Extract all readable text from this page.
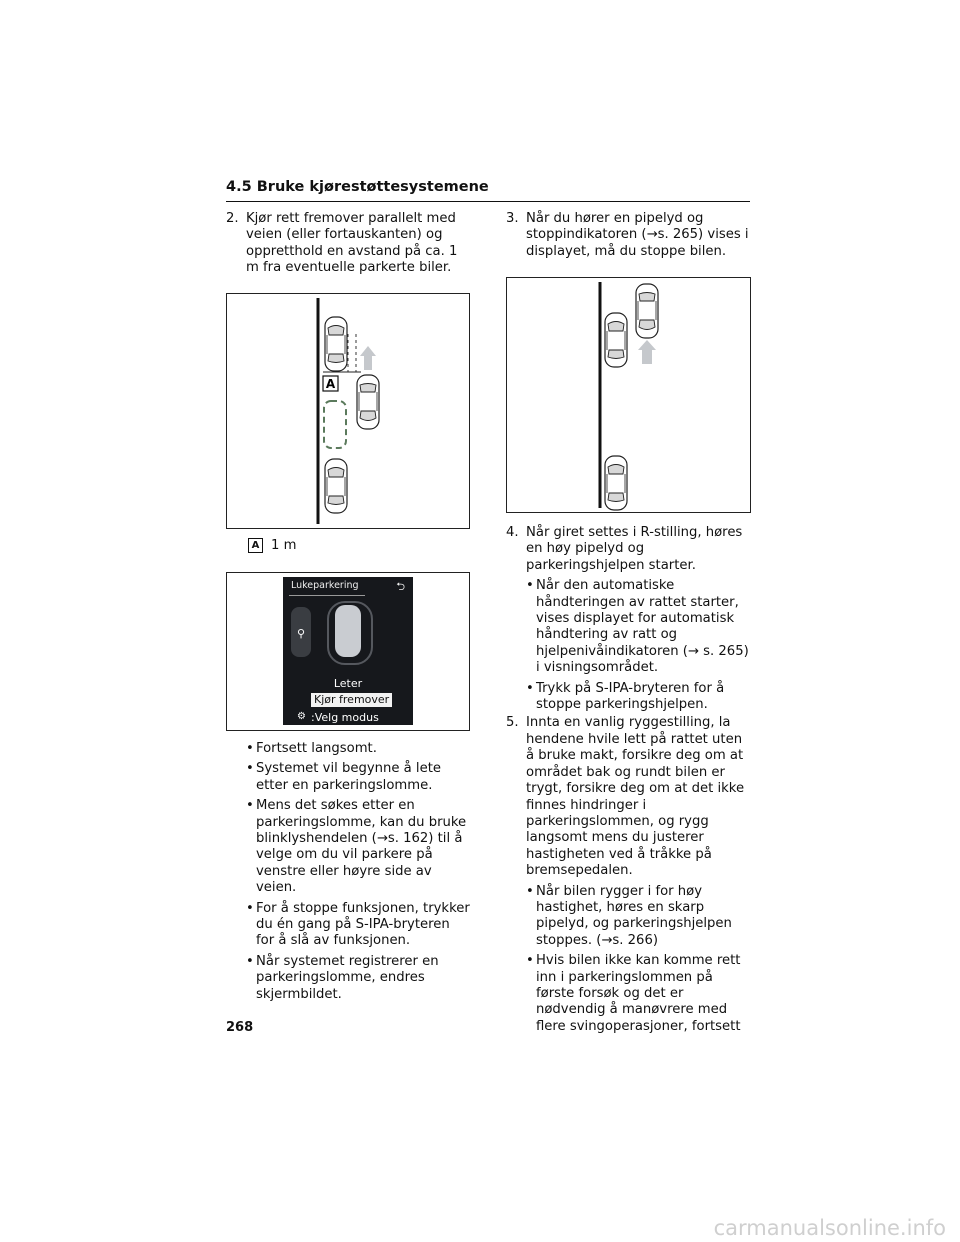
4.5 Bruke kjørestøttesystemene

2. Kjør rett fremover parallelt med veien (eller fortauskanten) og oppretthold en avstand på ca. 1 m fra eventuelle parkerte biler.

A
A 1 m
Lukeparkering	⮌
⚲
Leter
Kjør fremover
:Velg modus
⚙

• Fortsett langsomt.

• Systemet vil begynne å lete etter en parkeringslomme.

• Mens det søkes etter en parkeringslomme, kan du bruke blinklyshendelen (→s. 162) til å velge om du vil parkere på venstre eller høyre side av veien.

• For å stoppe funksjonen, trykker du én gang på S-IPA-bryteren for å slå av funksjonen.

• Når systemet registrerer en parkeringslomme, endres skjermbildet.

3. Når du hører en pipelyd og stoppindikatoren (→s. 265) vises i displayet, må du stoppe bilen.

4. Når giret settes i R-stilling, høres en høy pipelyd og parkeringshjelpen starter.

• Når den automatiske håndteringen av rattet starter, vises displayet for automatisk håndtering av ratt og hjelpenivåindikatoren (→ s. 265) i visningsområdet.

• Trykk på S-IPA-bryteren for å stoppe parkeringshjelpen.

5. Innta en vanlig ryggestilling, la hendene hvile lett på rattet uten å bruke makt, forsikre deg om at området bak og rundt bilen er trygt, forsikre deg om at det ikke finnes hindringer i parkeringslommen, og rygg langsomt mens du justerer hastigheten ved å tråkke på bremsepedalen.

• Når bilen rygger i for høy hastighet, høres en skarp pipelyd, og parkeringshjelpen stoppes. (→s. 266)

• Hvis bilen ikke kan komme rett inn i parkeringslommen på første forsøk og det er nødvendig å manøvrere med flere svingoperasjoner, fortsett

268
carmanualsonline.info
